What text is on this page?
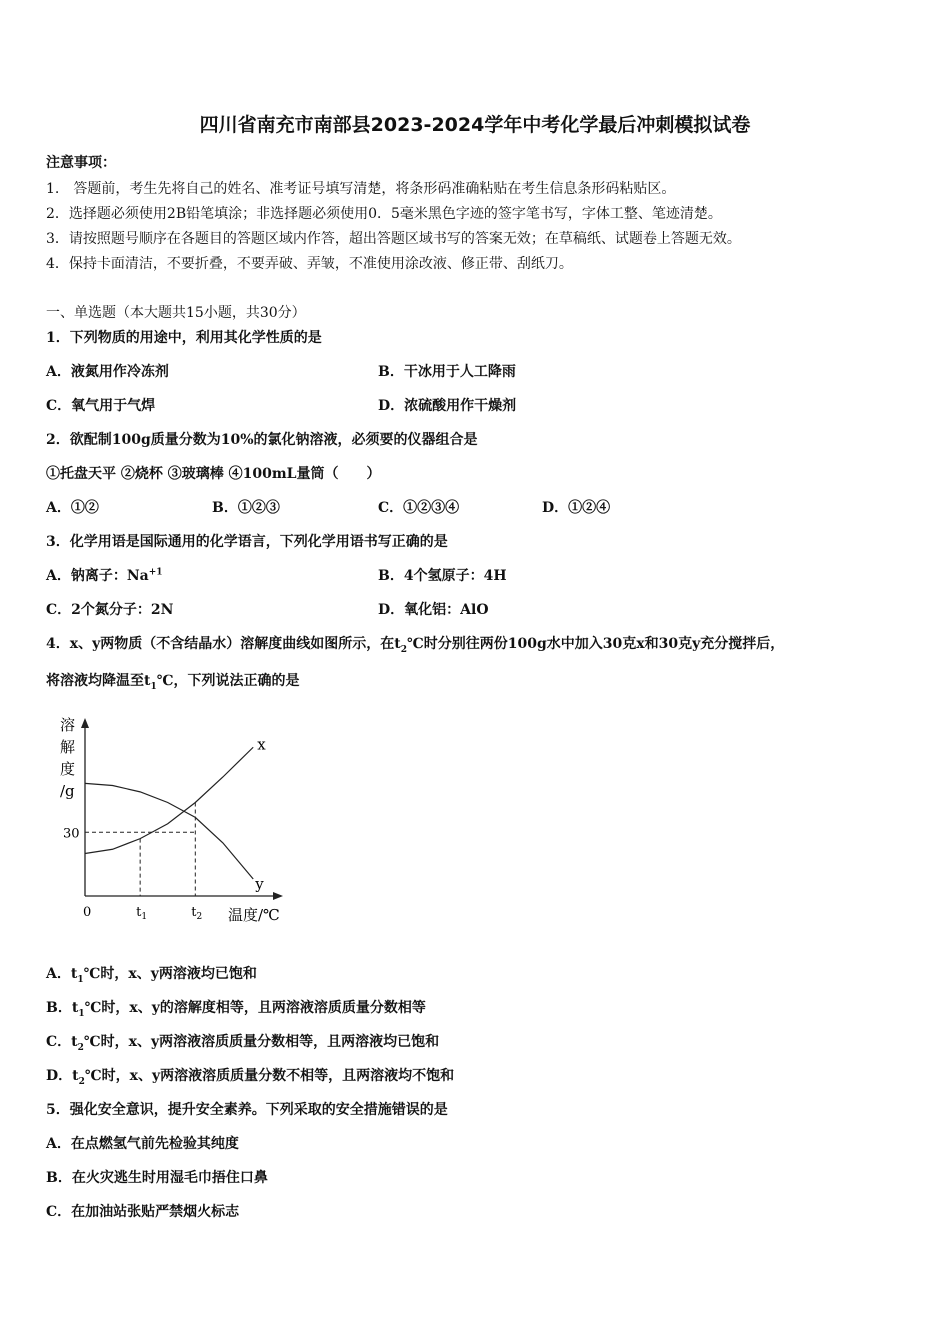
四川省南充市南部县2023-2024学年中考化学最后冲刺模拟试卷
注意事项：
1.　答题前，考生先将自己的姓名、准考证号填写清楚，将条形码准确粘贴在考生信息条形码粘贴区。
2．选择题必须使用2B铅笔填涂；非选择题必须使用0．5毫米黑色字迹的签字笔书写，字体工整、笔迹清楚。
3．请按照题号顺序在各题目的答题区域内作答，超出答题区域书写的答案无效；在草稿纸、试题卷上答题无效。
4．保持卡面清洁，不要折叠，不要弄破、弄皱，不准使用涂改液、修正带、刮纸刀。
一、单选题（本大题共15小题，共30分）
1．下列物质的用途中，利用其化学性质的是
A．液氮用作冷冻剂	B．干冰用于人工降雨
C．氧气用于气焊	D．浓硫酸用作干燥剂
2．欲配制100g质量分数为10%的氯化钠溶液，必须要的仪器组合是
①托盘天平 ②烧杯 ③玻璃棒 ④100mL量筒（　　）
A．①②	B．①②③	C．①②③④	D．①②④
3．化学用语是国际通用的化学语言，下列化学用语书写正确的是
A．钠离子：$Na^{+1}$	B．4个氢原子：4H
C．2个氮分子：2N	D．氧化铝：AlO
4．x、y两物质（不含结晶水）溶解度曲线如图所示，在$t_2℃$时分别往两份100g水中加入30克x和30克y充分搅拌后，
将溶液均降温至$t_1℃$，下列说法正确的是
溶
解
度
/g
0	温度/℃
30
$t_1$	$t_2$
x
y
A．$t_1℃$时，x、y两溶液均已饱和
B．$t_1℃$时，x、y的溶解度相等，且两溶液溶质质量分数相等
C．$t_2℃$时，x、y两溶液溶质质量分数相等，且两溶液均已饱和
D．$t_2℃$时，x、y两溶液溶质质量分数不相等，且两溶液均不饱和
5．强化安全意识，提升安全素养。下列采取的安全措施错误的是
A．在点燃氢气前先检验其纯度
B．在火灾逃生时用湿毛巾捂住口鼻
C．在加油站张贴严禁烟火标志
